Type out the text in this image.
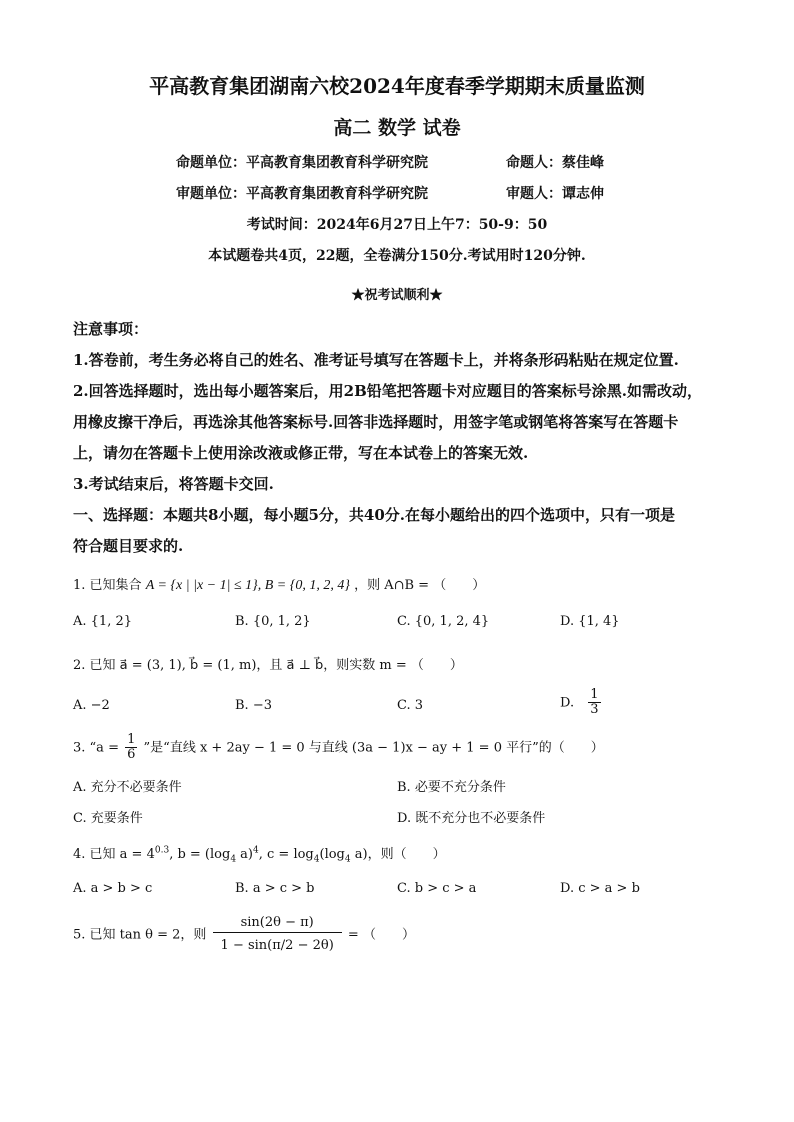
平高教育集团湖南六校2024年度春季学期期末质量监测
高二 数学 试卷
命题单位：平高教育集团教育科学研究院	命题人：蔡佳峰
审题单位：平高教育集团教育科学研究院	审题人：谭志伸
考试时间：2024年6月27日上午7：50-9：50
本试题卷共4页，22题，全卷满分150分.考试用时120分钟.
★祝考试顺利★
注意事项：
1.答卷前，考生务必将自己的姓名、准考证号填写在答题卡上，并将条形码粘贴在规定位置.
2.回答选择题时，选出每小题答案后，用2B铅笔把答题卡对应题目的答案标号涂黑.如需改动，
用橡皮擦干净后，再选涂其他答案标号.回答非选择题时，用签字笔或钢笔将答案写在答题卡
上，请勿在答题卡上使用涂改液或修正带，写在本试卷上的答案无效.
3.考试结束后，将答题卡交回.
一、选择题：本题共8小题，每小题5分，共40分.在每小题给出的四个选项中，只有一项是
符合题目要求的.
1. 已知集合 A = {x | |x − 1| ≤ 1}, B = {0, 1, 2, 4} ，则 A∩B = （　　）
A. {1, 2}	B. {0, 1, 2}	C. {0, 1, 2, 4}	D. {1, 4}
2. 已知 a⃗ = (3, 1), b⃗ = (1, m)，且 a⃗ ⊥ b⃗，则实数 m = （　　）
A. −2	B. −3	C. 3	D. $\frac{1}{3}$
3. “$a = \frac{1}{6}$ ”是“直线 x + 2ay − 1 = 0 与直线 (3a − 1)x − ay + 1 = 0 平行”的（　　）
A. 充分不必要条件	B. 必要不充分条件
C. 充要条件	D. 既不充分也不必要条件
4. 已知 $a = 4^{0.3}$, $b = (\log_4$ a)$^4$, $c = \log_4(\log_4$ a)，则（　　）
A. a > b > c	B. a > c > b	C. b > c > a	D. c > a > b
5. 已知 tan θ = 2，则 $\frac{\sin(2\theta - \pi)}{1 - \sin(\pi/2 - 2\theta)}$ = （　　）
